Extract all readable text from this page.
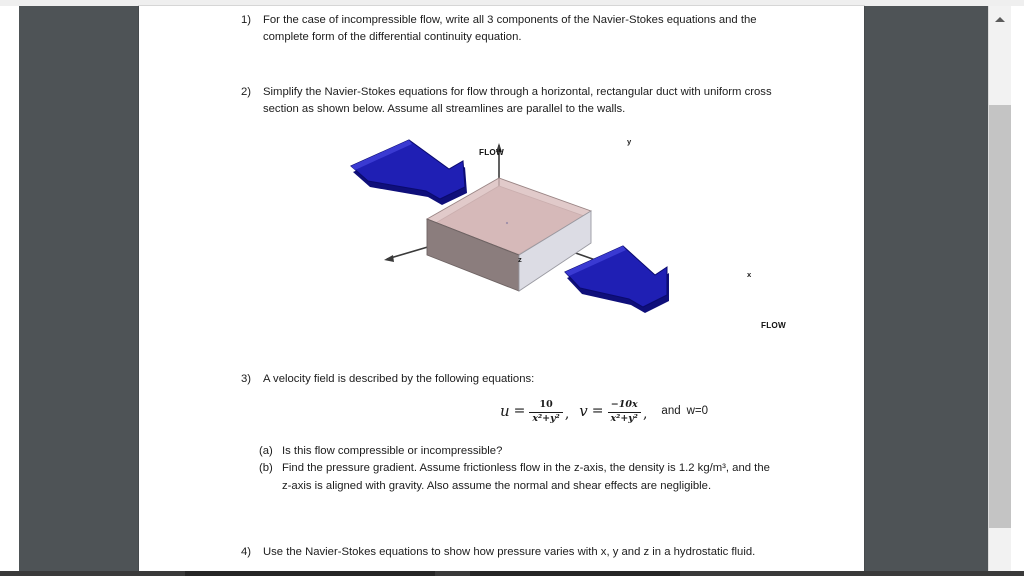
1)	For the case of incompressible flow, write all 3 components of the Navier-Stokes equations and the complete form of the differential continuity equation.
2)	Simplify the Navier-Stokes equations for flow through a horizontal, rectangular duct with uniform cross section as shown below. Assume all streamlines are parallel to the walls.
FLOW
FLOW
y
x
z
3)	A velocity field is described by the following equations:
$u = \frac{10}{\text{x²+y²}}$ , $v = \frac{-10x}{\text{x²+y²}}$ ,	and w=0
(a) Is this flow compressible or incompressible?
(b) Find the pressure gradient. Assume frictionless flow in the z-axis, the density is 1.2 kg/m³, and the z-axis is aligned with gravity. Also assume the normal and shear effects are negligible.
4)	Use the Navier-Stokes equations to show how pressure varies with x, y and z in a hydrostatic fluid.
